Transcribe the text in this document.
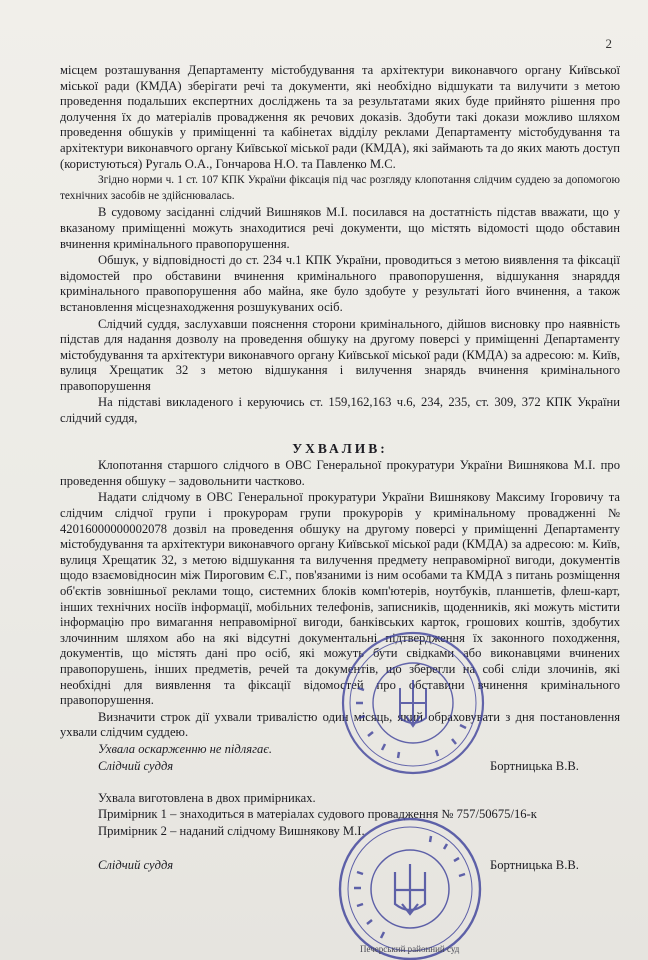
2

місцем розташування Департаменту містобудування та архітектури виконавчого органу Київської міської ради (КМДА) зберігати речі та документи, які необхідно відшукати та вилучити з метою проведення подальших експертних досліджень та за результатами яких буде прийнято рішення про долучення їх до матеріалів провадження як речових доказів. Здобути такі докази можливо шляхом проведення обшуків у приміщенні та кабінетах відділу реклами Департаменту містобудування та архітектури виконавчого органу Київської міської ради (КМДА), які займають та до яких мають доступ (користуються) Ругаль О.А., Гончарова Н.О. та Павленко М.С.

Згідно норми ч. 1 ст. 107 КПК України фіксація під час розгляду клопотання слідчим суддею за допомогою технічних засобів не здійснювалась.

В судовому засіданні слідчий Вишняков М.І. посилався на достатність підстав вважати, що у вказаному приміщенні можуть знаходитися речі документи, що містять відомості щодо обставин вчинення кримінального правопорушення.

Обшук, у відповідності до ст. 234 ч.1 КПК України, проводиться з метою виявлення та фіксації відомостей про обставини вчинення кримінального правопорушення, відшукання знаряддя кримінального правопорушення або майна, яке було здобуте у результаті його вчинення, а також встановлення місцезнаходження розшукуваних осіб.

Слідчий суддя, заслухавши пояснення сторони кримінального, дійшов висновку про наявність підстав для надання дозволу на проведення обшуку на другому поверсі у приміщенні Департаменту містобудування та архітектури виконавчого органу Київської міської ради (КМДА) за адресою: м. Київ, вулиця Хрещатик 32 з метою відшукання і вилучення знарядь вчинення кримінального правопорушення

На підставі викладеного і керуючись ст. 159,162,163 ч.6, 234, 235, ст. 309, 372 КПК України слідчий суддя,

УХВАЛИВ:

Клопотання старшого слідчого в ОВС Генеральної прокуратури України Вишнякова М.І. про проведення обшуку – задовольнити частково.

Надати слідчому в ОВС Генеральної прокуратури України Вишнякову Максиму Ігоровичу та слідчим слідчої групи і прокурорам групи прокурорів у кримінальному провадженні № 42016000000002078 дозвіл на проведення обшуку на другому поверсі у приміщенні Департаменту містобудування та архітектури виконавчого органу Київської міської ради (КМДА) за адресою: м. Київ, вулиця Хрещатик 32, з метою відшукання та вилучення предмету неправомірної вигоди, документів щодо взаємовідносин між Пироговим Є.Г., пов'язаними із ним особами та КМДА з питань розміщення об'єктів зовнішньої реклами тощо, системних блоків комп'ютерів, ноутбуків, планшетів, флеш-карт, інших технічних носіїв інформації, мобільних телефонів, записників, щоденників, які можуть містити інформацію про вимагання неправомірної вигоди, банківських карток, грошових коштів, здобутих злочинним шляхом або на які відсутні документальні підтвердження їх законного походження, документів, що містять дані про осіб, які можуть бути свідками або виконавцями вчинених правопорушень, інших предметів, речей та документів, що зберегли на собі сліди злочинів, які необхідні для виявлення та фіксації відомостей про обставини вчинення кримінального правопорушення.

Визначити строк дії ухвали тривалістю один місяць, який обраховувати з дня постановлення ухвали слідчим суддею.

Ухвала оскарженню не підлягає.

Слідчий суддя	Бортницька В.В.

Ухвала виготовлена в двох примірниках.

Примірник 1 – знаходиться в матеріалах судового провадження № 757/50675/16-к

Примірник 2 – наданий слідчому Вишнякову М.І.

Слідчий суддя	Бортницька В.В.
Печерський районний суд
